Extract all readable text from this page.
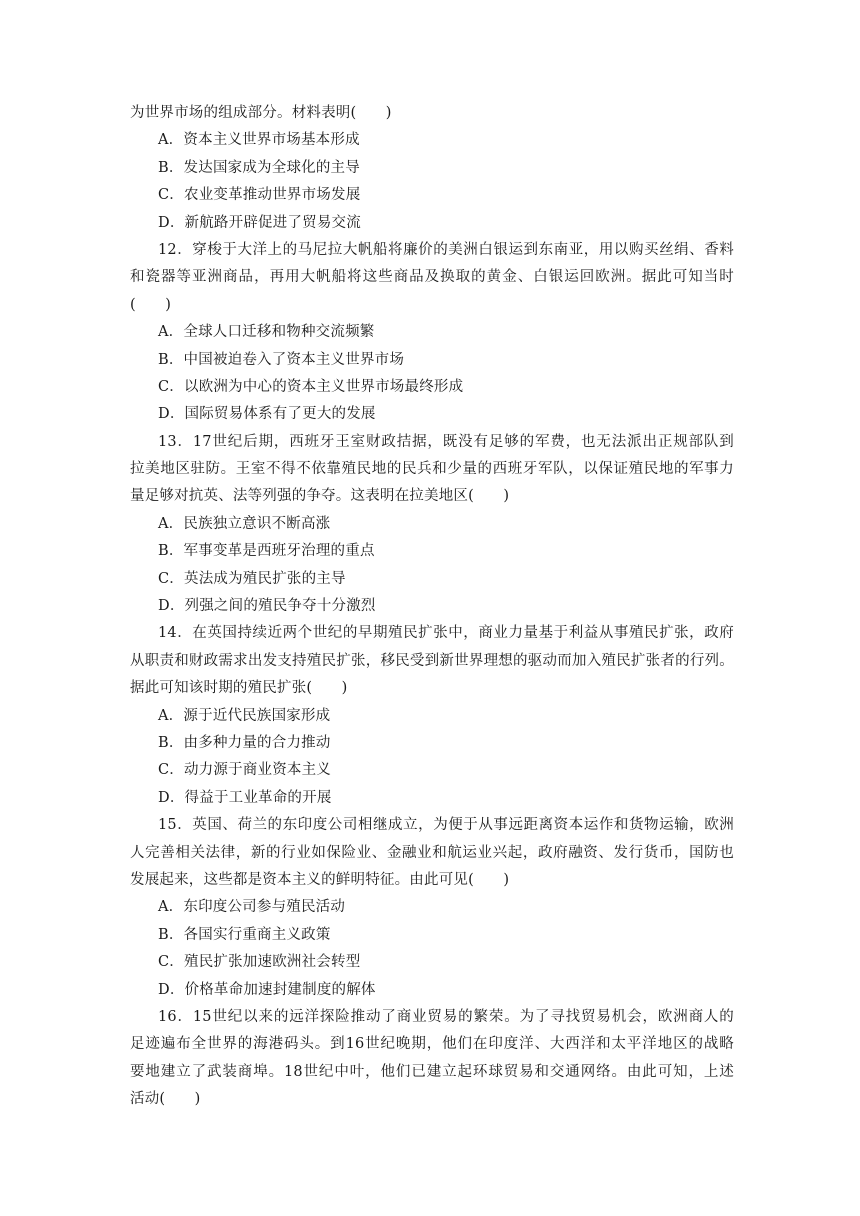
为世界市场的组成部分。材料表明(　　)
A．资本主义世界市场基本形成
B．发达国家成为全球化的主导
C．农业变革推动世界市场发展
D．新航路开辟促进了贸易交流
12．穿梭于大洋上的马尼拉大帆船将廉价的美洲白银运到东南亚，用以购买丝绢、香料
和瓷器等亚洲商品，再用大帆船将这些商品及换取的黄金、白银运回欧洲。据此可知当时
(　　)
A．全球人口迁移和物种交流频繁
B．中国被迫卷入了资本主义世界市场
C．以欧洲为中心的资本主义世界市场最终形成
D．国际贸易体系有了更大的发展
13．17世纪后期，西班牙王室财政拮据，既没有足够的军费，也无法派出正规部队到
拉美地区驻防。王室不得不依靠殖民地的民兵和少量的西班牙军队，以保证殖民地的军事力
量足够对抗英、法等列强的争夺。这表明在拉美地区(　　)
A．民族独立意识不断高涨
B．军事变革是西班牙治理的重点
C．英法成为殖民扩张的主导
D．列强之间的殖民争夺十分激烈
14．在英国持续近两个世纪的早期殖民扩张中，商业力量基于利益从事殖民扩张，政府
从职责和财政需求出发支持殖民扩张，移民受到新世界理想的驱动而加入殖民扩张者的行列。
据此可知该时期的殖民扩张(　　)
A．源于近代民族国家形成
B．由多种力量的合力推动
C．动力源于商业资本主义
D．得益于工业革命的开展
15．英国、荷兰的东印度公司相继成立，为便于从事远距离资本运作和货物运输，欧洲
人完善相关法律，新的行业如保险业、金融业和航运业兴起，政府融资、发行货币，国防也
发展起来，这些都是资本主义的鲜明特征。由此可见(　　)
A．东印度公司参与殖民活动
B．各国实行重商主义政策
C．殖民扩张加速欧洲社会转型
D．价格革命加速封建制度的解体
16．15世纪以来的远洋探险推动了商业贸易的繁荣。为了寻找贸易机会，欧洲商人的
足迹遍布全世界的海港码头。到16世纪晚期，他们在印度洋、大西洋和太平洋地区的战略
要地建立了武装商埠。18世纪中叶，他们已建立起环球贸易和交通网络。由此可知，上述
活动(　　)
